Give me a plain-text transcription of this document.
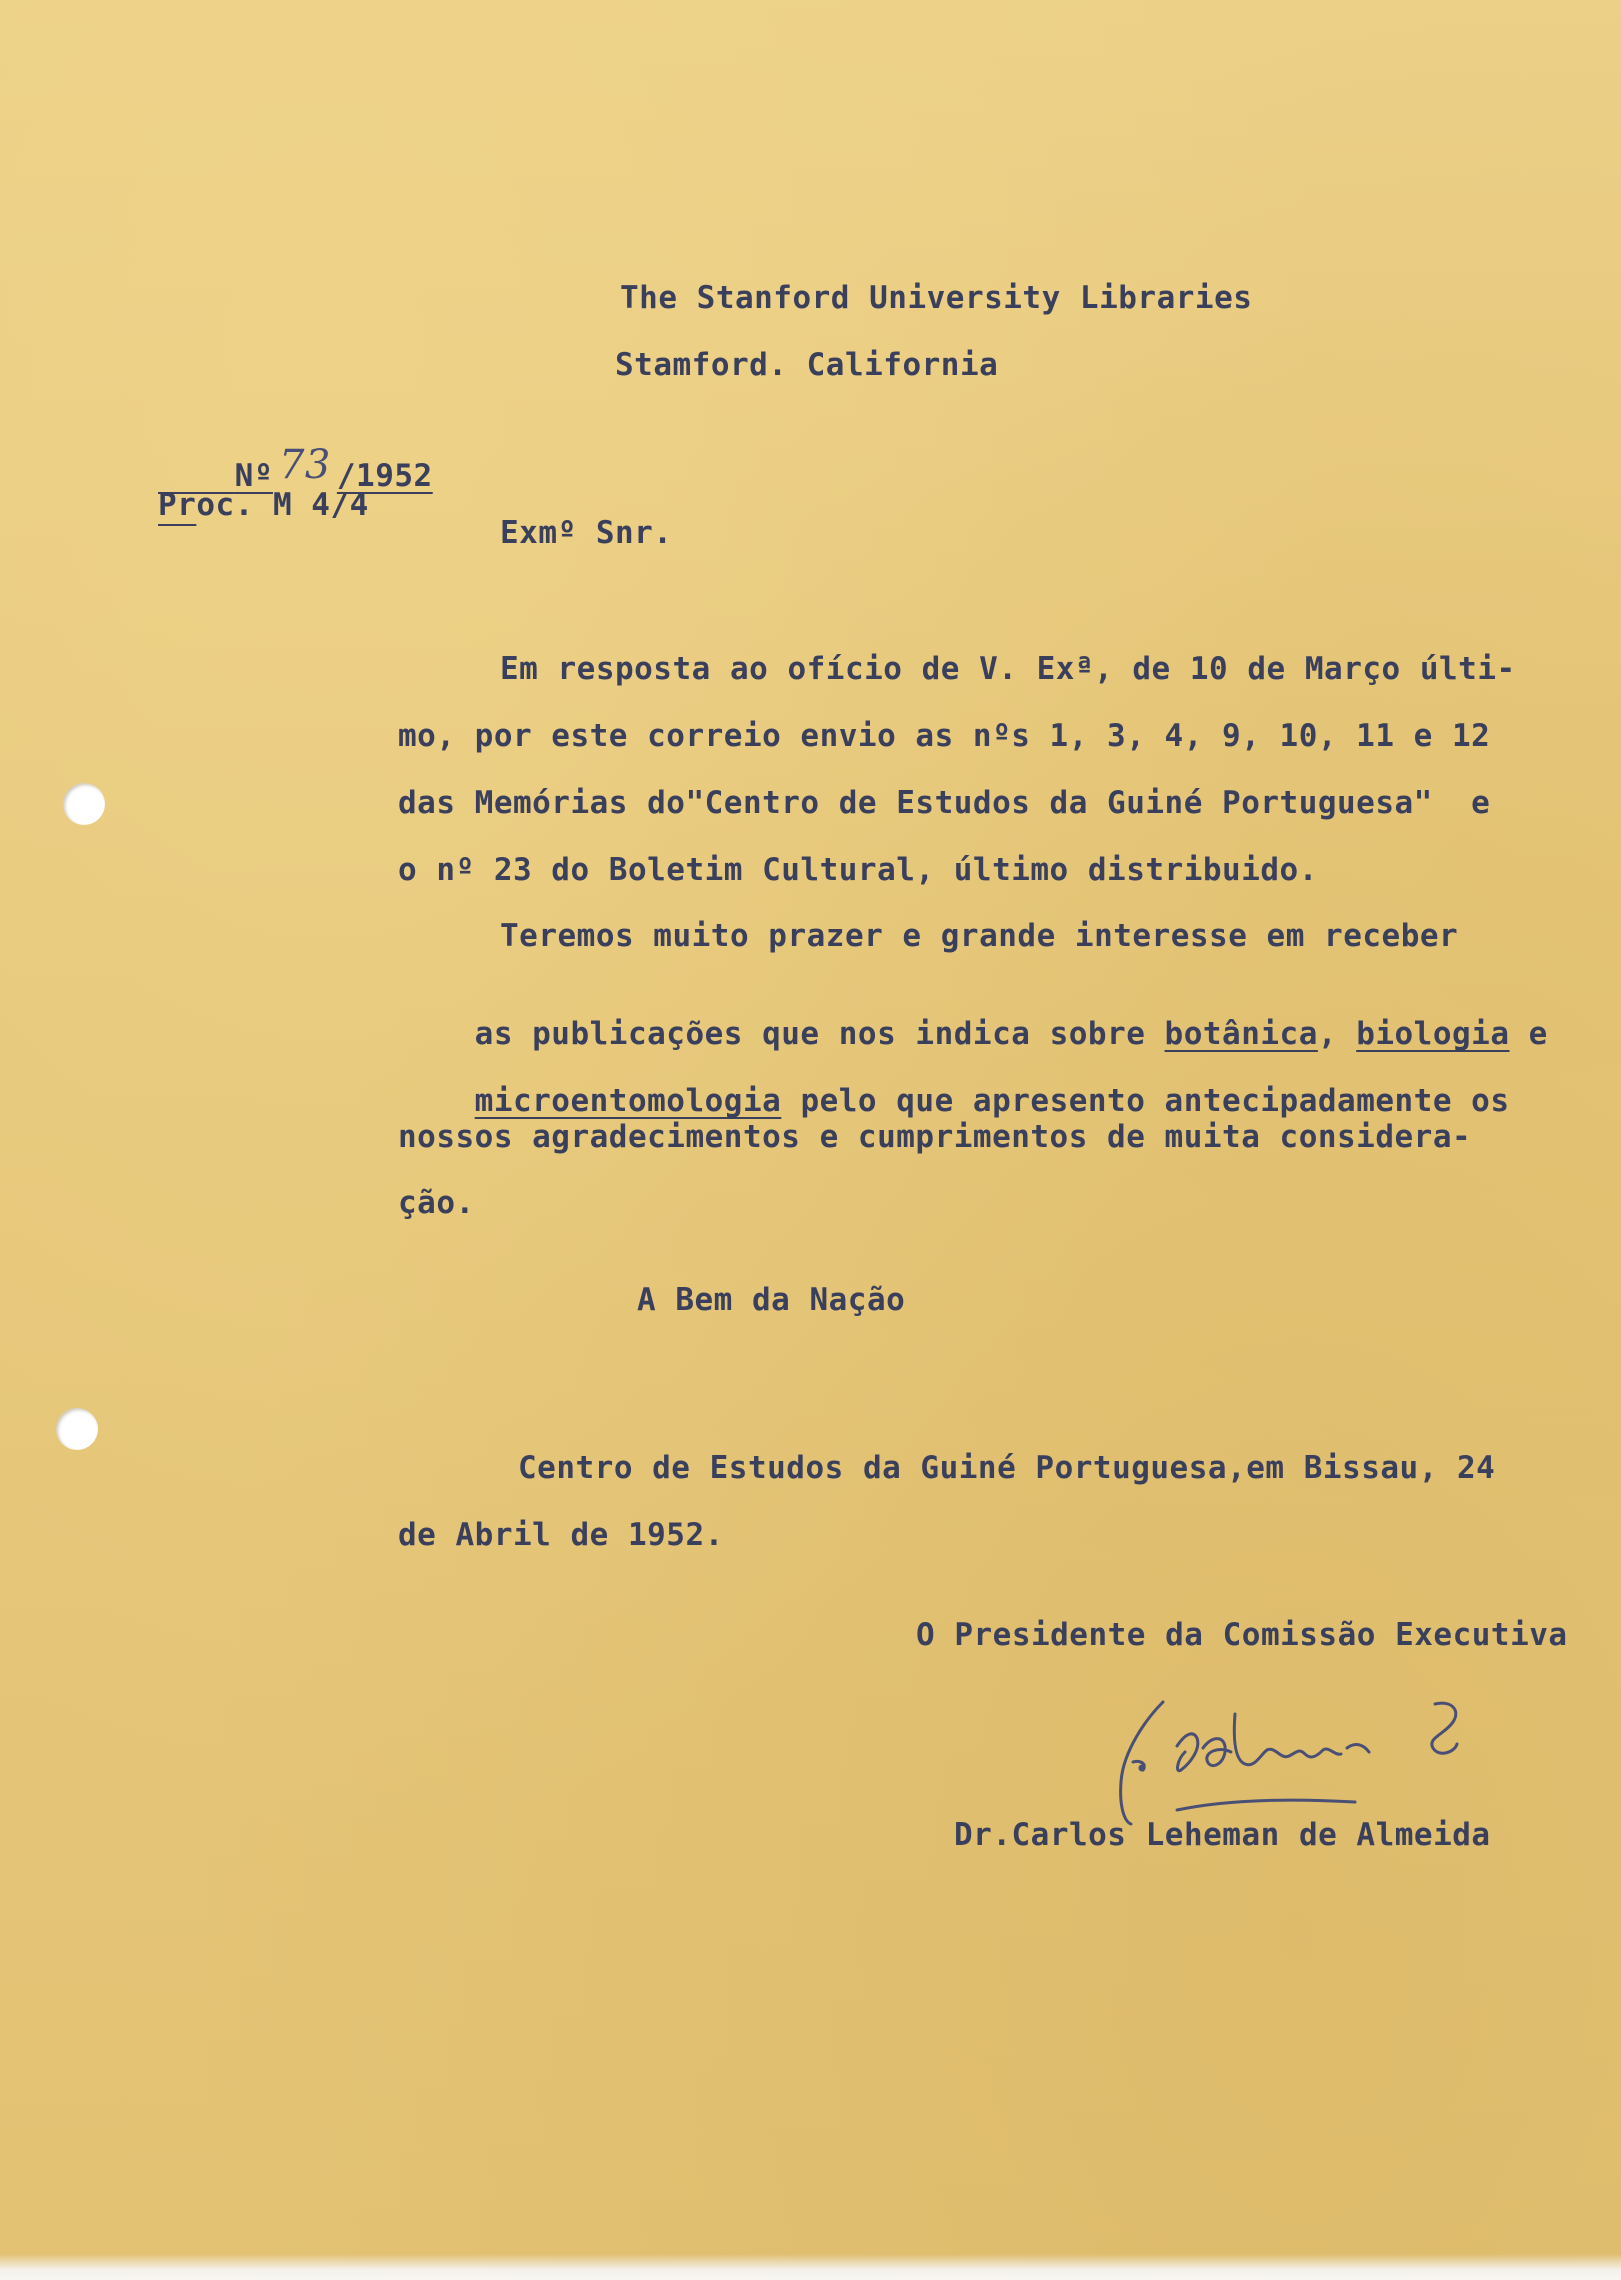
The Stanford University Libraries
Stamford. California

Nº 73 /1952

Proc. M 4/4
Exmº Snr.
Em resposta ao ofício de V. Exª, de 10 de Março últi-
mo, por este correio envio as nºs 1, 3, 4, 9, 10, 11 e 12
das Memórias do"Centro de Estudos da Guiné Portuguesa"  e
o nº 23 do Boletim Cultural, último distribuido.
Teremos muito prazer e grande interesse em receber

as publicações que nos indica sobre botânica, biologia e

microentomologia pelo que apresento antecipadamente os

nossos agradecimentos e cumprimentos de muita considera-
ção.
A Bem da Nação
Centro de Estudos da Guiné Portuguesa,em Bissau, 24
de Abril de 1952.
O Presidente da Comissão Executiva
Dr.Carlos Leheman de Almeida
